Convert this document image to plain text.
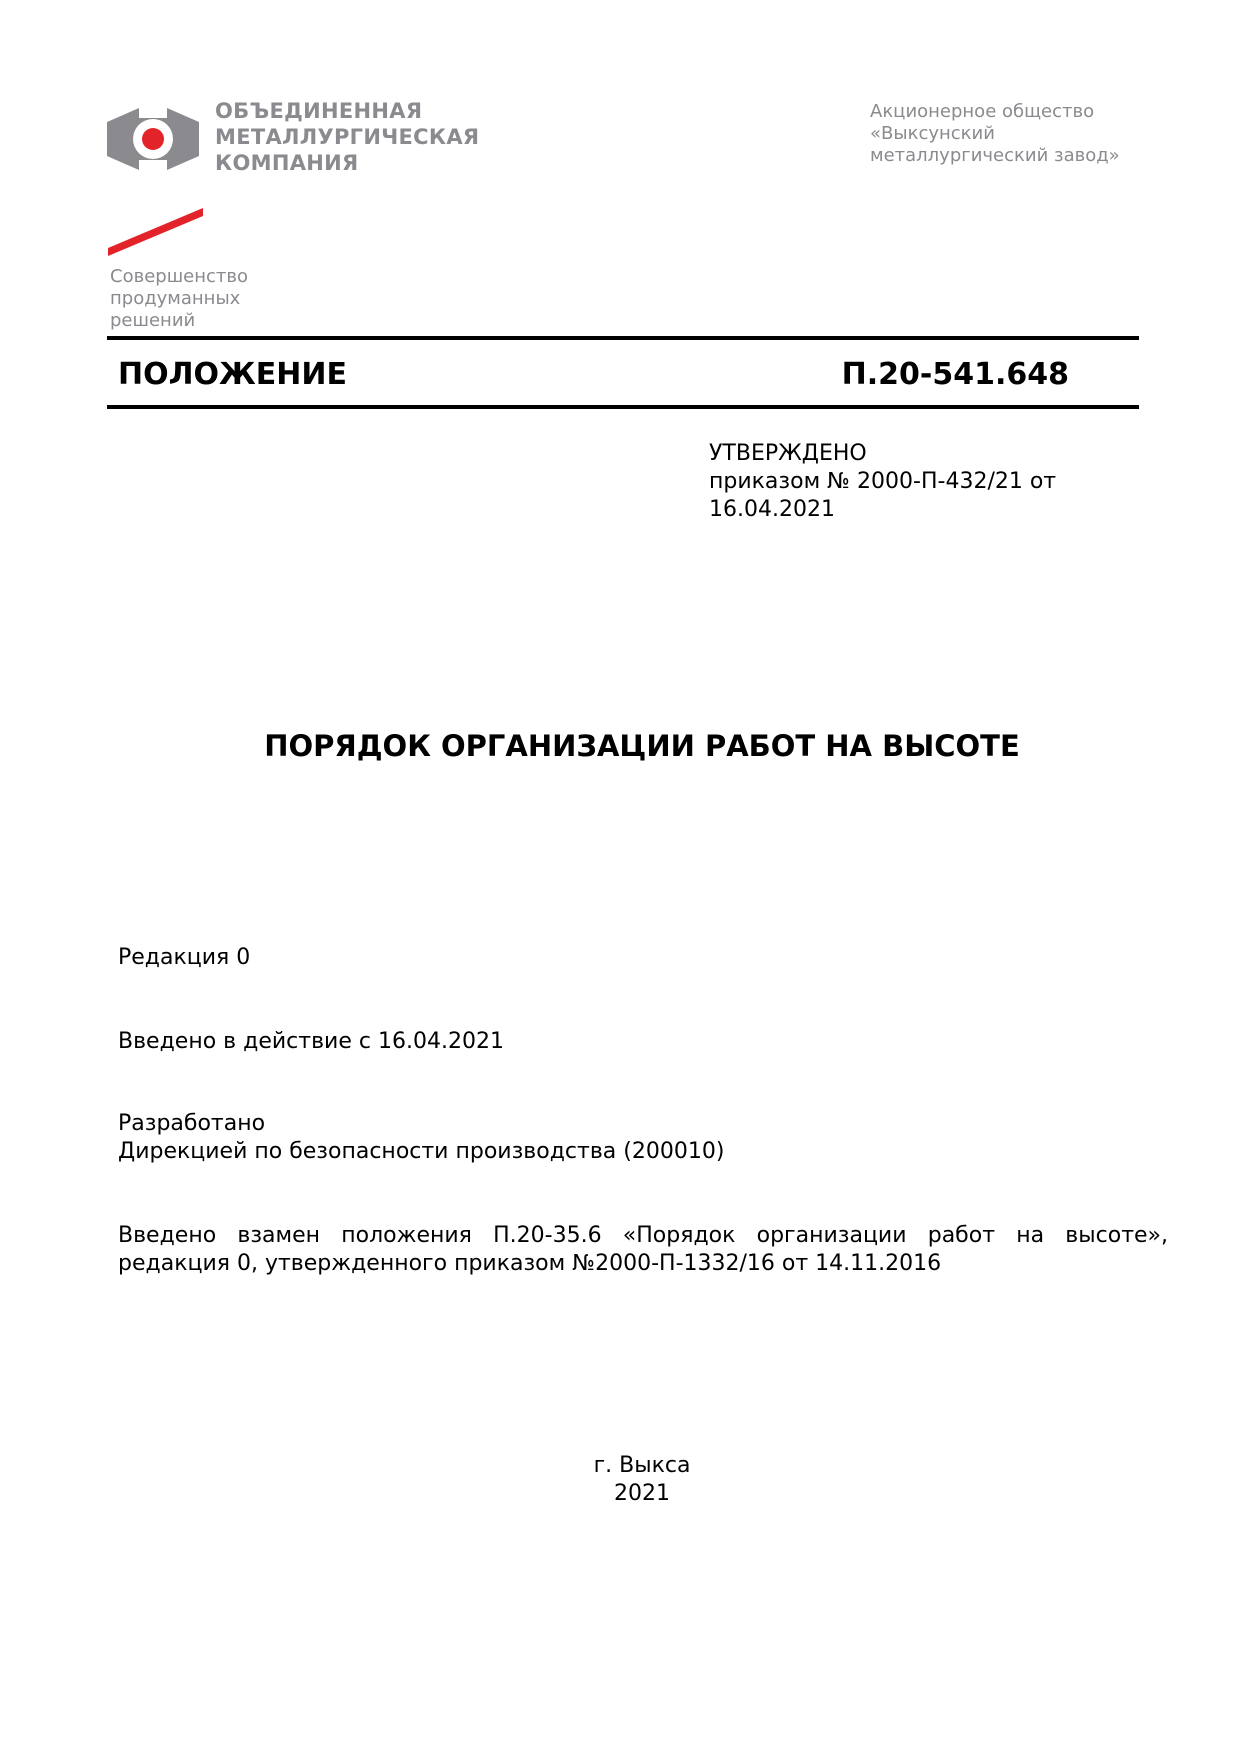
ОБЪЕДИНЕННАЯ
МЕТАЛЛУРГИЧЕСКАЯ
КОМПАНИЯ
Совершенство
продуманных
решений
Акционерное общество
«Выксунский
металлургический завод»
ПОЛОЖЕНИЕ	П.20-541.648
УТВЕРЖДЕНО
приказом № 2000-П-432/21 от
16.04.2021
ПОРЯДОК ОРГАНИЗАЦИИ РАБОТ НА ВЫСОТЕ
Редакция 0
Введено в действие с 16.04.2021
Разработано
Дирекцией по безопасности производства (200010)
Введено взамен положения П.20-35.6 «Порядок организации работ на высоте», редакция 0, утвержденного приказом №2000-П-1332/16 от 14.11.2016
г. Выкса
2021
